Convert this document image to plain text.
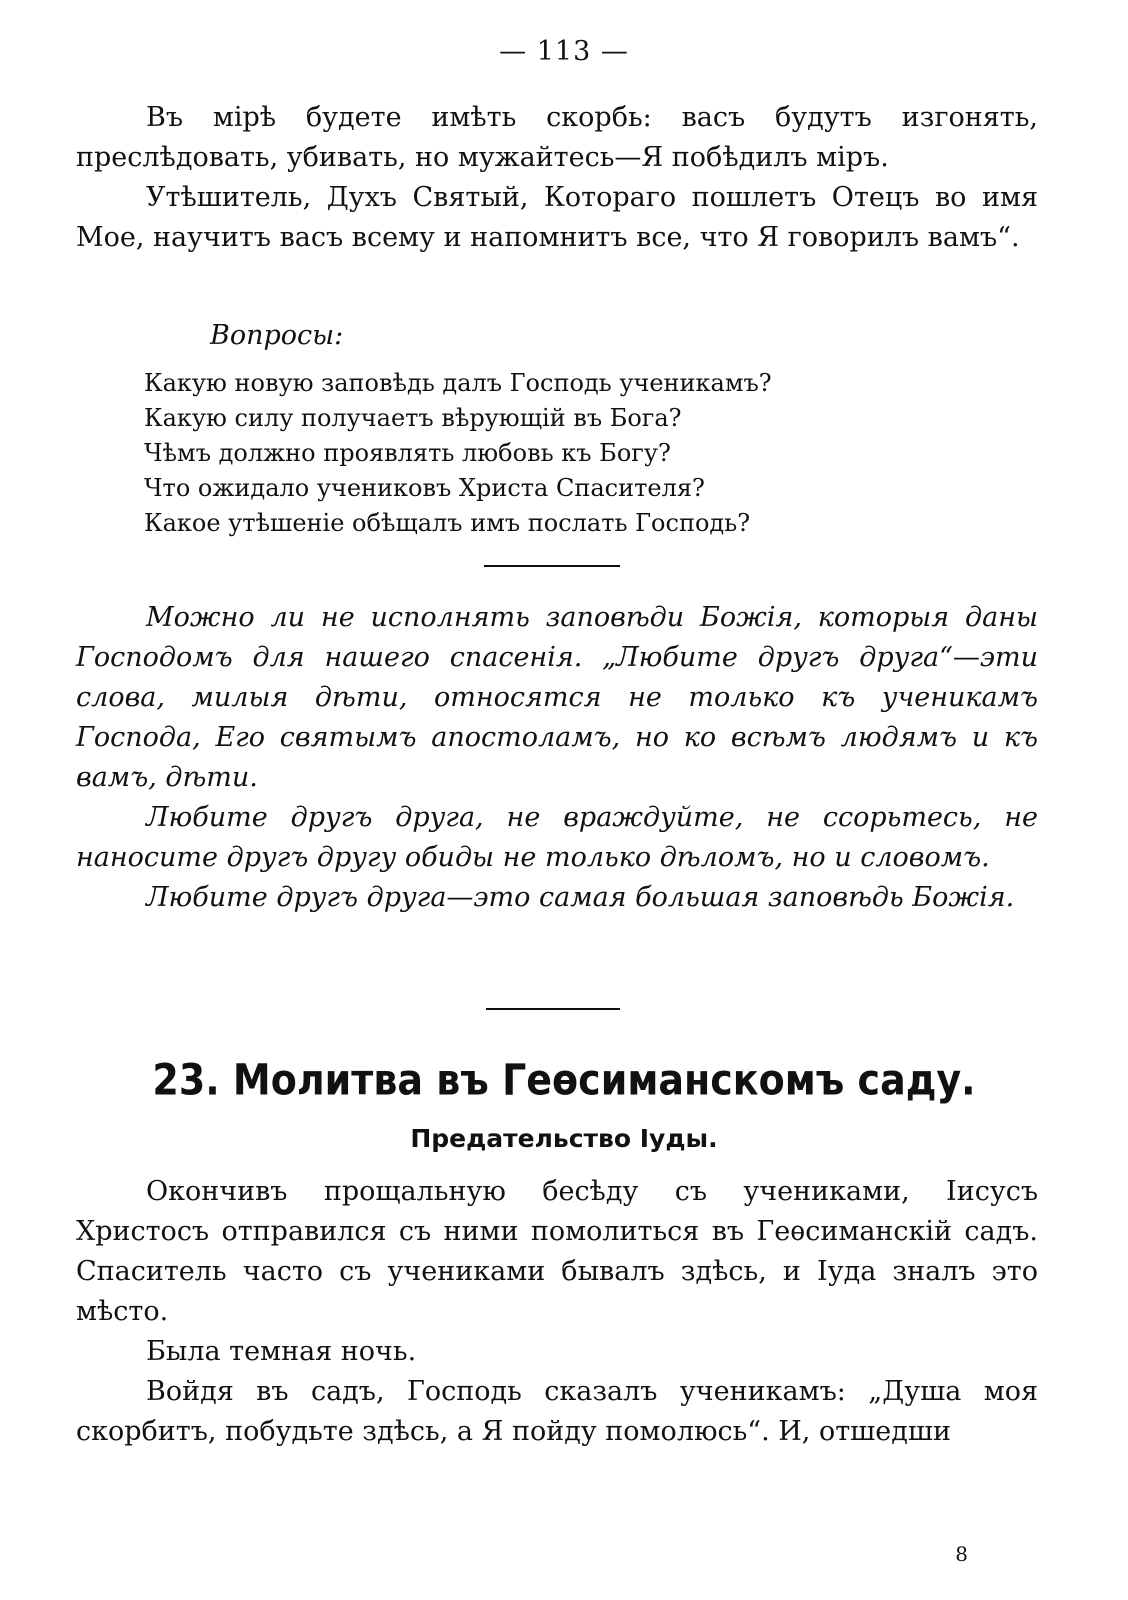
— 113 —

Въ мірѣ будете имѣть скорбь: васъ будутъ изгонять, преслѣдовать, убивать, но мужайтесь—Я побѣдилъ міръ.

Утѣшитель, Духъ Святый, Котораго пошлетъ Отецъ во имя Мое, научитъ васъ всему и напомнитъ все, что Я говорилъ вамъ“.

Вопросы:
Какую новую заповѣдь далъ Господь ученикамъ?
Какую силу получаетъ вѣрующій въ Бога?
Чѣмъ должно проявлять любовь къ Богу?
Что ожидало учениковъ Христа Спасителя?
Какое утѣшеніе обѣщалъ имъ послать Господь?

Можно ли не исполнять заповѣди Божія, которыя даны Господомъ для нашего спасенія. „Любите другъ друга“—эти слова, милыя дѣти, относятся не только къ ученикамъ Господа, Его святымъ апостоламъ, но ко всѣмъ людямъ и къ вамъ, дѣти.

Любите другъ друга, не враждуйте, не ссорьтесь, не наносите другъ другу обиды не только дѣломъ, но и словомъ.

Любите другъ друга—это самая большая заповѣдь Божія.

23. Молитва въ Геѳсиманскомъ саду.
Предательство Іуды.

Окончивъ прощальную бесѣду съ учениками, Іисусъ Христосъ отправился съ ними помолиться въ Геѳсиманскій садъ. Спаситель часто съ учениками бывалъ здѣсь, и Іуда зналъ это мѣсто.

Была темная ночь.

Войдя въ садъ, Господь сказалъ ученикамъ: „Душа моя скорбитъ, побудьте здѣсь, а Я пойду помолюсь“. И, отшедши

8
